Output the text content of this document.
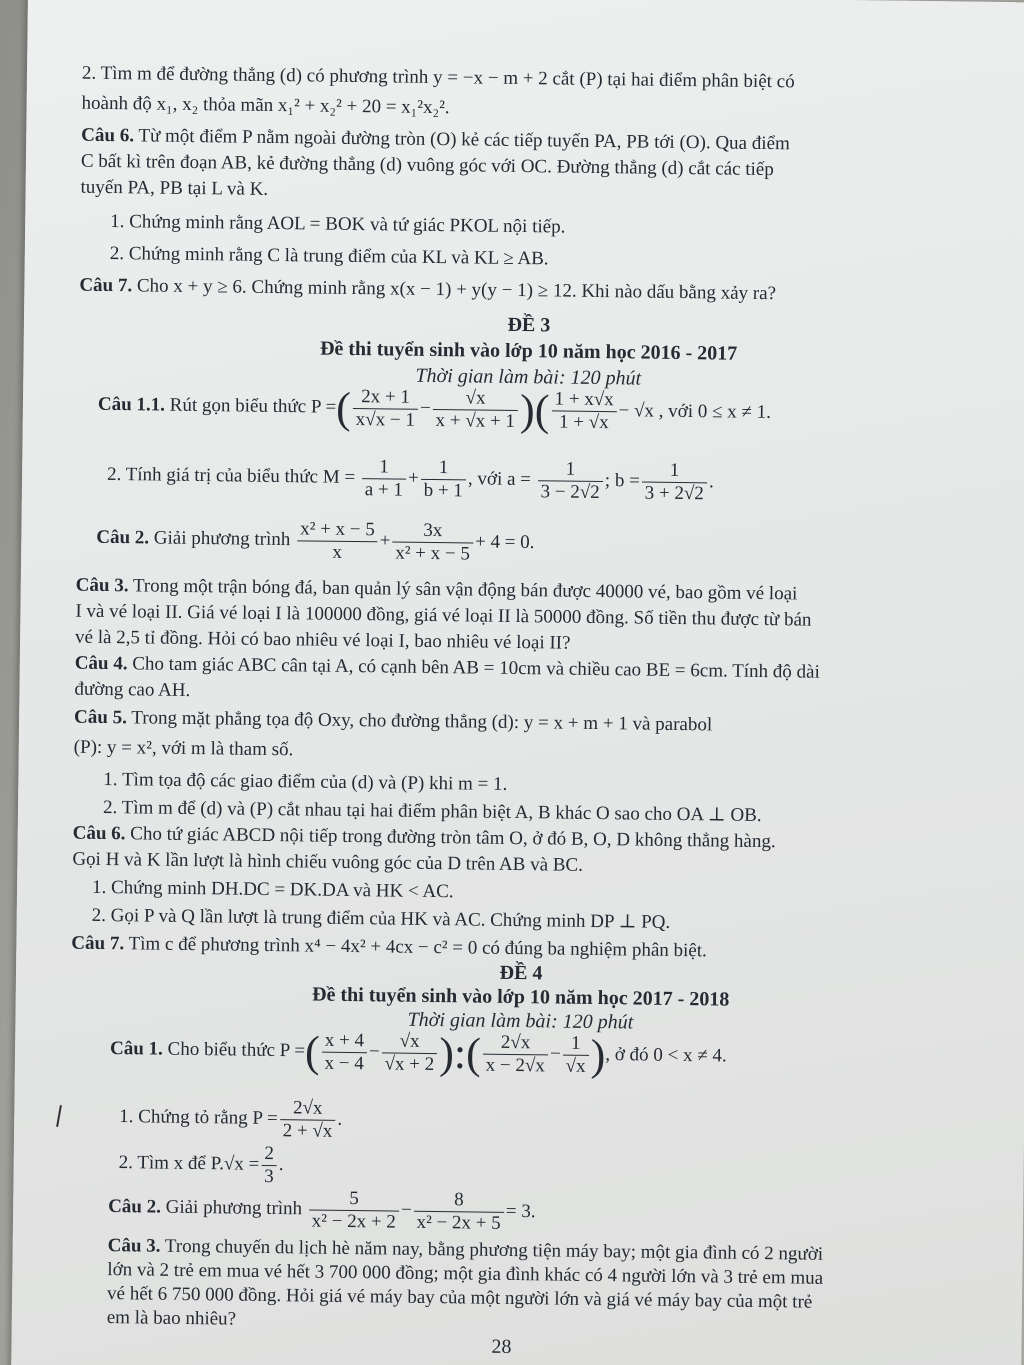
2. Tìm m để đường thẳng (d) có phương trình y = −x − m + 2 cắt (P) tại hai điểm phân biệt có
hoành độ x₁, x₂ thỏa mãn x₁² + x₂² + 20 = x₁²x₂².
Câu 6. Từ một điểm P nằm ngoài đường tròn (O) kẻ các tiếp tuyến PA, PB tới (O). Qua điểm
C bất kì trên đoạn AB, kẻ đường thẳng (d) vuông góc với OC. Đường thẳng (d) cắt các tiếp
tuyến PA, PB tại L và K.
1. Chứng minh rằng AOL = BOK và tứ giác PKOL nội tiếp.
2. Chứng minh rằng C là trung điểm của KL và KL ≥ AB.
Câu 7. Cho x + y ≥ 6. Chứng minh rằng x(x − 1) + y(y − 1) ≥ 12. Khi nào dấu bằng xảy ra?
ĐỀ 3
Đề thi tuyển sinh vào lớp 10 năm học 2016 - 2017
Thời gian làm bài: 120 phút
Câu 1.1. Rút gọn biểu thức P =( $\frac{2x + 1}{x√x - 1} - \frac{√x}{x + √x + 1}$ )( $\frac{1 + x√x}{1 + √x} - √x$ , với 0 ≤ x ≠ 1.
2. Tính giá trị của biểu thức $M = \frac{1}{a + 1} + \frac{1}{b + 1}$ , với $a = \frac{1}{3 - 2√2}$ ; $b = \frac{1}{3 + 2√2}$ .
Câu 2. Giải phương trình $\frac{\text{x² + x − 5}}{x} + \frac{3x}{\text{x² + x − 5}} + 4 = 0$.
Câu 3. Trong một trận bóng đá, ban quản lý sân vận động bán được 40000 vé, bao gồm vé loại
I và vé loại II. Giá vé loại I là 100000 đồng, giá vé loại II là 50000 đồng. Số tiền thu được từ bán
vé là 2,5 tỉ đồng. Hỏi có bao nhiêu vé loại I, bao nhiêu vé loại II?
Câu 4. Cho tam giác ABC cân tại A, có cạnh bên AB = 10cm và chiều cao BE = 6cm. Tính độ dài
đường cao AH.
Câu 5. Trong mặt phẳng tọa độ Oxy, cho đường thẳng (d): y = x + m + 1 và parabol
(P): y = x², với m là tham số.
1. Tìm tọa độ các giao điểm của (d) và (P) khi m = 1.
2. Tìm m để (d) và (P) cắt nhau tại hai điểm phân biệt A, B khác O sao cho OA ⊥ OB.
Câu 6. Cho tứ giác ABCD nội tiếp trong đường tròn tâm O, ở đó B, O, D không thẳng hàng.
Gọi H và K lần lượt là hình chiếu vuông góc của D trên AB và BC.
1. Chứng minh DH.DC = DK.DA và HK < AC.
2. Gọi P và Q lần lượt là trung điểm của HK và AC. Chứng minh DP ⊥ PQ.
Câu 7. Tìm c để phương trình x⁴ − 4x² + 4cx − c² = 0 có đúng ba nghiệm phân biệt.
ĐỀ 4
Đề thi tuyển sinh vào lớp 10 năm học 2017 - 2018
Thời gian làm bài: 120 phút
Câu 1. Cho biểu thức P =( $\frac{x + 4}{x - 4} - \frac{√x}{√x + 2}$ ):( $\frac{2√x}{x - 2√x} - \frac{1}{√x}$ ), ở đó 0 < x ≠ 4.
1. Chứng tỏ rằng $P = \frac{2√x}{2 + √x}$ .
2. Tìm x để $P.√x = \frac{2}{3}$ .
Câu 2. Giải phương trình $\frac{5}{\text{x² − 2x + 2}} - \frac{8}{\text{x² − 2x + 5}} = 3$.
Câu 3. Trong chuyến du lịch hè năm nay, bằng phương tiện máy bay; một gia đình có 2 người
lớn và 2 trẻ em mua vé hết 3 700 000 đồng; một gia đình khác có 4 người lớn và 3 trẻ em mua
vé hết 6 750 000 đồng. Hỏi giá vé máy bay của một người lớn và giá vé máy bay của một trẻ
em là bao nhiêu?
28
